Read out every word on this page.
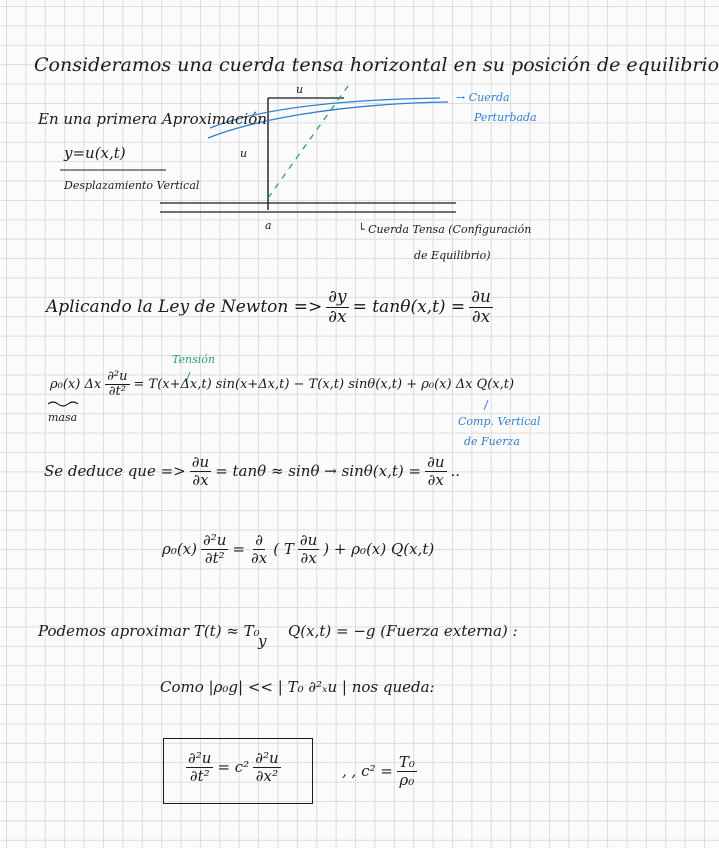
Consideramos una cuerda tensa horizontal en su posición de equilibrio
En una primera Aproximación
y=u(x,t)
Desplazamiento Vertical
u
u
a
→ Cuerda
Perturbada
└ Cuerda Tensa (Configuración
de Equilibrio)
Aplicando la Ley de Newton => $\frac{\partial y}{\partial x} = \tan\theta(x,t) = \frac{\partial u}{\partial x}$
Tensión
ρ₀(x) Δx $\frac{\text{∂²u}}{\text{∂t²}} = T(x+\Delta x,t) \sin(x+\Delta x,t) - T(x,t) \sin\theta(x,t) + \rho_0(x)$ Δx Q(x,t)
masa	Comp. Vertical
de Fuerza
Se deduce que => $\frac{\partial u}{\partial x} = \tan\theta \approx \sin\theta \to \sin\theta(x,t) = \frac{\partial u}{\partial x}$ ..
$\rho_0(x) \frac{\text{∂²u}}{\text{∂t²}} = \frac{\partial}{\partial x}$ ( T $\frac{\partial u}{\partial x}$ ) + ρ₀(x) Q(x,t)
Podemos aproximar T(t) ≈ T₀
y
Q(x,t) = −g (Fuerza externa) :
Como |ρ₀g| << | T₀ ∂²ₓu | nos queda:
$\frac{\text{∂²u}}{\text{∂t²}} = c^2 \frac{\text{∂²u}}{\text{∂x²}}$	, , $c^2 = \frac{\text{T₀}}{\text{ρ₀}}$
